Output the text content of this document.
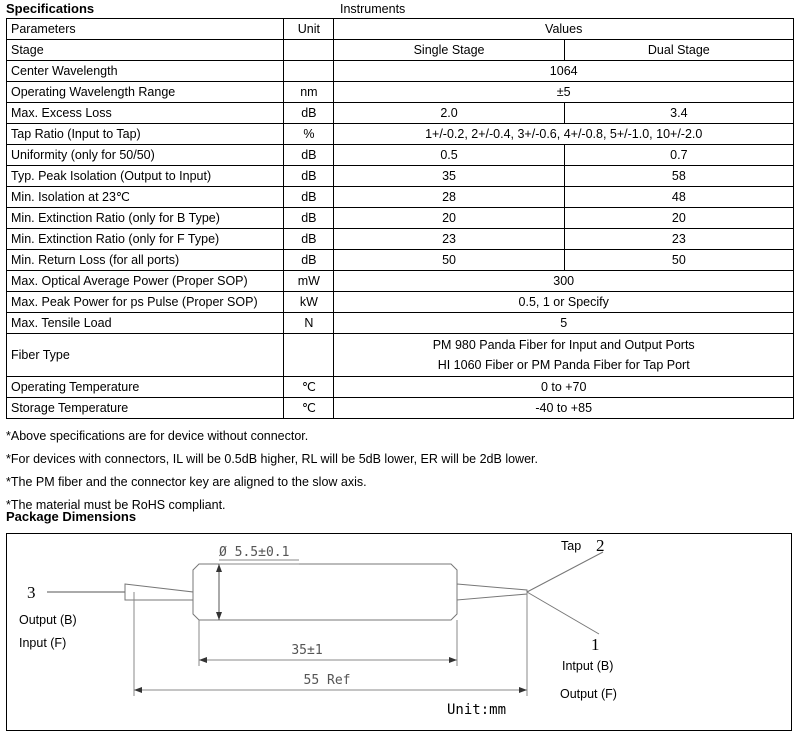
Specifications	Instruments
Parameters	Unit	Values	
Stage		Single Stage	Dual Stage
Center Wavelength		1064	
Operating Wavelength Range	nm	±5	
Max. Excess Loss	dB	2.0	3.4
Tap Ratio (Input to Tap)	%	1+/-0.2, 2+/-0.4, 3+/-0.6, 4+/-0.8, 5+/-1.0, 10+/-2.0	
Uniformity (only for 50/50)	dB	0.5	0.7
Typ. Peak Isolation (Output to Input)	dB	35	58
Min. Isolation at 23℃	dB	28	48
Min. Extinction Ratio (only for B Type)	dB	20	20
Min. Extinction Ratio (only for F Type)	dB	23	23
Min. Return Loss (for all ports)	dB	50	50
Max. Optical Average Power (Proper SOP)	mW	300	
Max. Peak Power for ps Pulse (Proper SOP)	kW	0.5, 1 or Specify	
Max. Tensile Load	N	5	
Fiber Type		PM 980 Panda Fiber for Input and Output Ports
HI 1060 Fiber or PM Panda Fiber for Tap Port	

Operating Temperature	℃	0 to +70	
Storage Temperature	℃	-40 to +85	
*Above specifications are for device without connector.
*For devices with connectors, IL will be 0.5dB higher, RL will be 5dB lower, ER will be 2dB lower.
*The PM fiber and the connector key are aligned to the slow axis.
*The material must be RoHS compliant.
Package Dimensions
Ø 5.5±0.1
35±1
55 Ref
Unit:mm
3
Output (B)
Input (F)
Tap 2
1
Intput (B)
Output (F)
